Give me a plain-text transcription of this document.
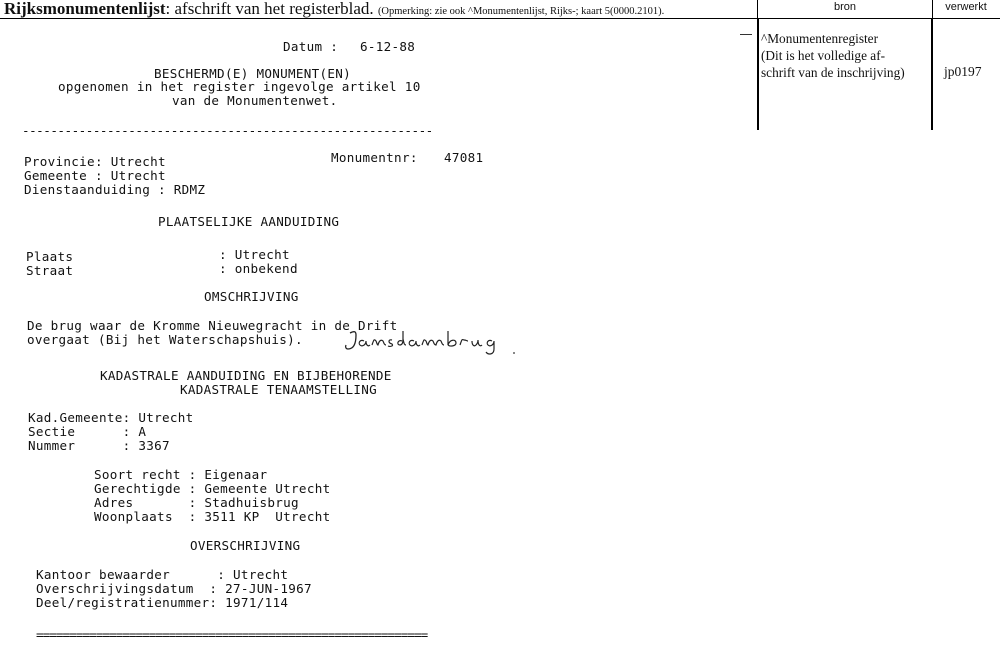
Rijksmonumentenlijst: afschrift van het registerblad. (Opmerking: zie ook ^Monumentenlijst, Rijks-; kaart 5(0000.2101).	bron	verwerkt
^Monumentenregister
(Dit is het volledige af-
schrift van de inschrijving)	jp0197
Datum : 6-12-88
BESCHERMD(E) MONUMENT(EN)
opgenomen in het register ingevolge artikel 10
van de Monumentenwet.
----------------------------------------------------------
Provincie: Utrecht	Monumentnr: 47081
Gemeente : Utrecht
Dienstaanduiding : RDMZ
PLAATSELIJKE AANDUIDING
Plaats	: Utrecht
Straat	: onbekend
OMSCHRIJVING
De brug waar de Kromme Nieuwegracht in de Drift
overgaat (Bij het Waterschapshuis).
KADASTRALE AANDUIDING EN BIJBEHORENDE
KADASTRALE TENAAMSTELLING
Kad.Gemeente: Utrecht
Sectie      : A
Nummer      : 3367
Soort recht : Eigenaar
Gerechtigde : Gemeente Utrecht
Adres       : Stadhuisbrug
Woonplaats  : 3511 KP  Utrecht
OVERSCHRIJVING
Kantoor bewaarder      : Utrecht
Overschrijvingsdatum  : 27-JUN-1967
Deel/registratienummer: 1971/114
===========================================================
